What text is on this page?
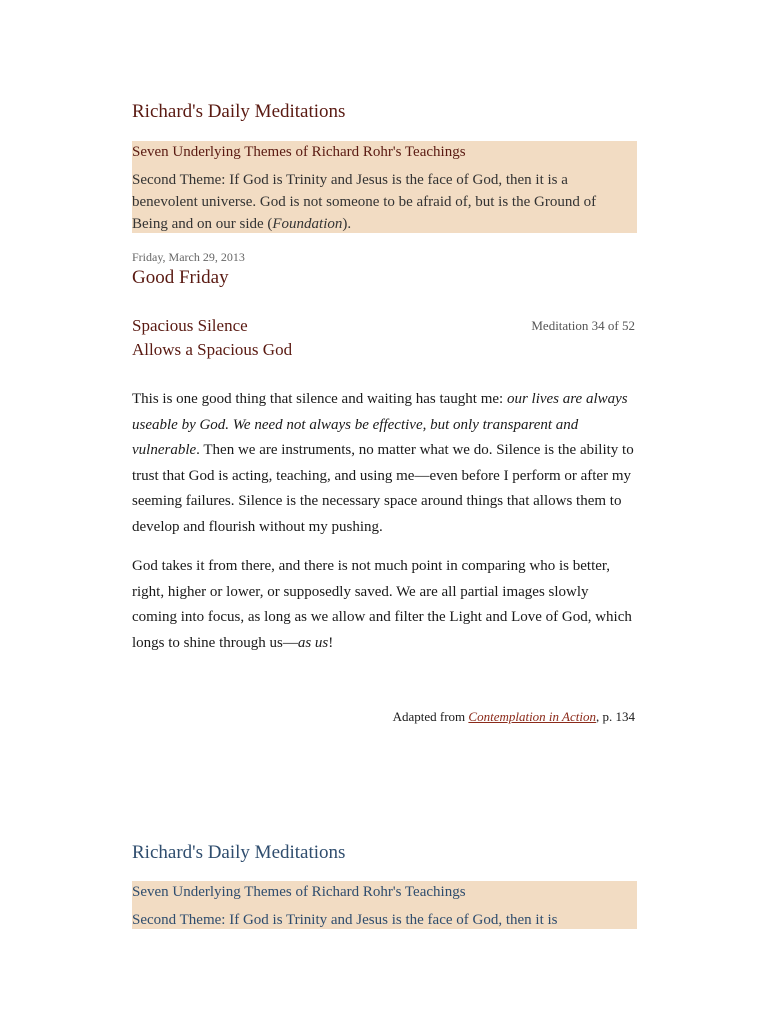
Richard's Daily Meditations
Seven Underlying Themes of Richard Rohr's Teachings
Second Theme: If God is Trinity and Jesus is the face of God, then it is a benevolent universe. God is not someone to be afraid of, but is the Ground of Being and on our side (Foundation).
Friday, March 29, 2013
Good Friday
Spacious Silence
Allows a Spacious God
Meditation 34 of 52

This is one good thing that silence and waiting has taught me: our lives are always useable by God. We need not always be effective, but only transparent and vulnerable. Then we are instruments, no matter what we do. Silence is the ability to trust that God is acting, teaching, and using me—even before I perform or after my seeming failures. Silence is the necessary space around things that allows them to develop and flourish without my pushing.

God takes it from there, and there is not much point in comparing who is better, right, higher or lower, or supposedly saved. We are all partial images slowly coming into focus, as long as we allow and filter the Light and Love of God, which longs to shine through us—as us!

Adapted from Contemplation in Action, p. 134
Richard's Daily Meditations
Seven Underlying Themes of Richard Rohr's Teachings
Second Theme: If God is Trinity and Jesus is the face of God, then it is
